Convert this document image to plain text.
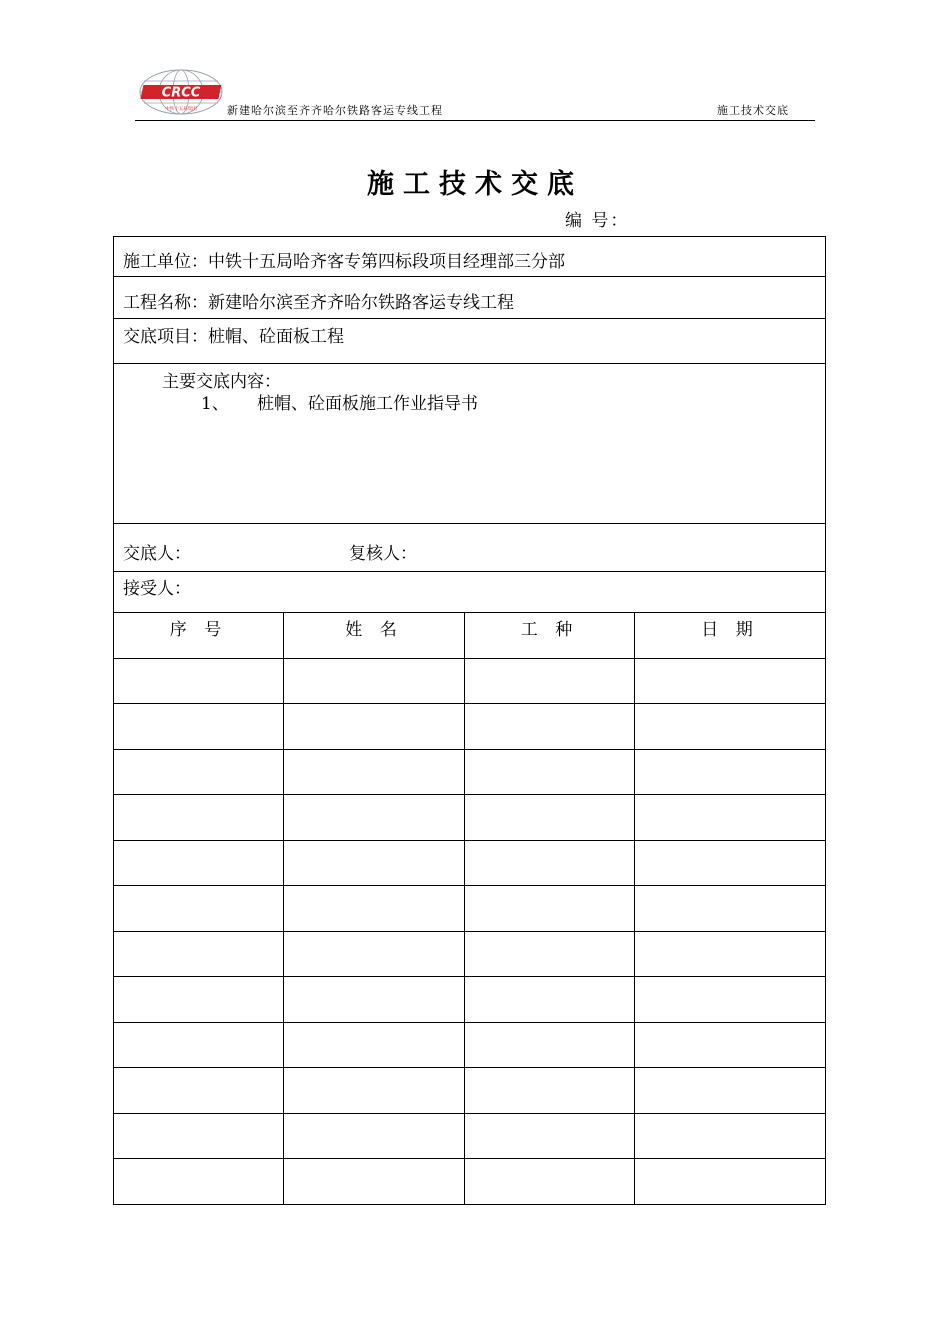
CRCC
中铁十五局集团	新建哈尔滨至齐齐哈尔铁路客运专线工程	施工技术交底
施工技术交底
编 号：
施工单位：中铁十五局哈齐客专第四标段项目经理部三分部
工程名称：新建哈尔滨至齐齐哈尔铁路客运专线工程
交底项目：桩帽、砼面板工程
主要交底内容：
1、 桩帽、砼面板施工作业指导书
交底人：	复核人：
接受人：
序 号	姓 名	工 种	日 期
